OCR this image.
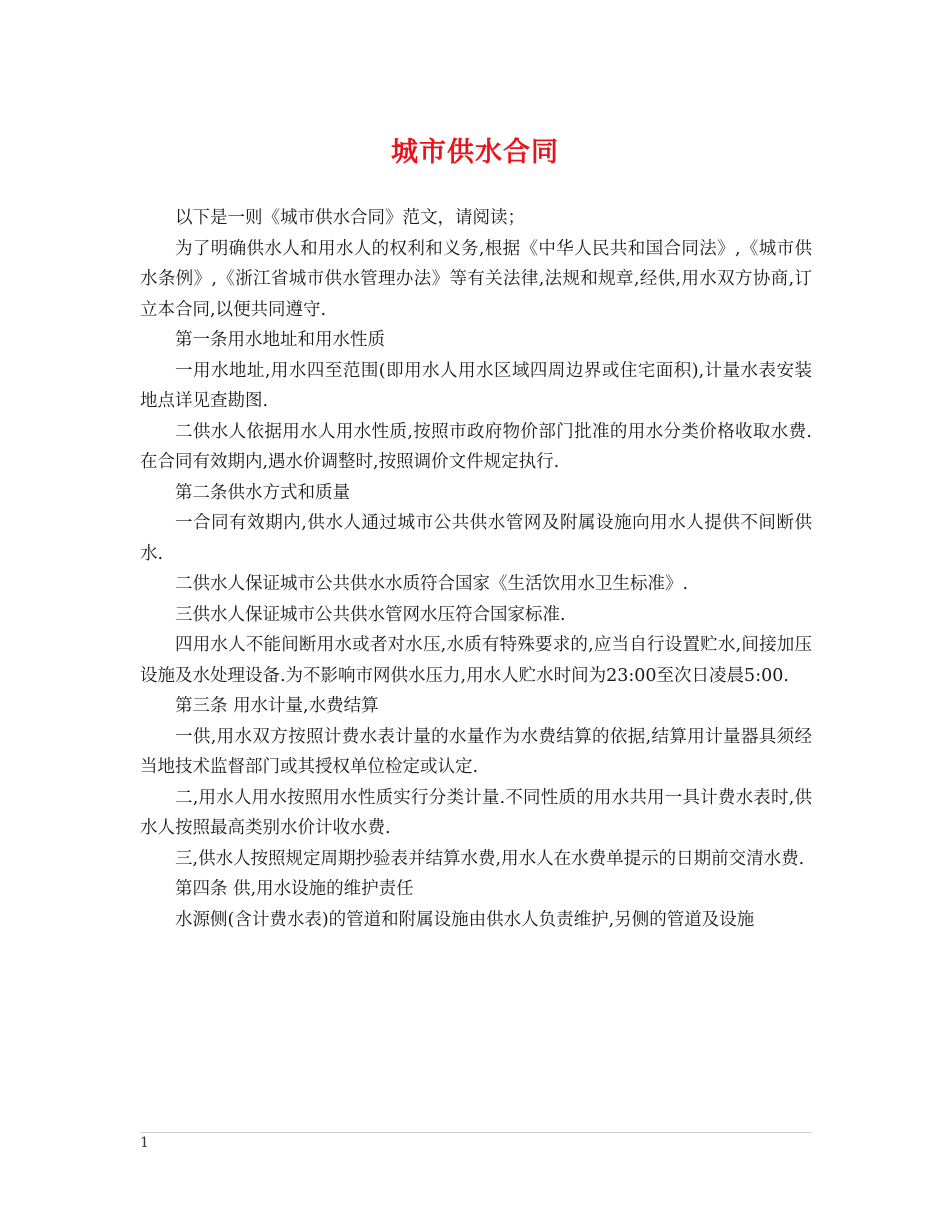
城市供水合同

以下是一则《城市供水合同》范文，请阅读；

为了明确供水人和用水人的权利和义务,根据《中华人民共和国合同法》,《城市供水条例》,《浙江省城市供水管理办法》等有关法律,法规和规章,经供,用水双方协商,订立本合同,以便共同遵守.

第一条用水地址和用水性质

一用水地址,用水四至范围(即用水人用水区域四周边界或住宅面积),计量水表安装地点详见查勘图.

二供水人依据用水人用水性质,按照市政府物价部门批准的用水分类价格收取水费.在合同有效期内,遇水价调整时,按照调价文件规定执行.

第二条供水方式和质量

一合同有效期内,供水人通过城市公共供水管网及附属设施向用水人提供不间断供水.

二供水人保证城市公共供水水质符合国家《生活饮用水卫生标准》.

三供水人保证城市公共供水管网水压符合国家标准.

四用水人不能间断用水或者对水压,水质有特殊要求的,应当自行设置贮水,间接加压设施及水处理设备.为不影响市网供水压力,用水人贮水时间为23:00至次日凌晨5:00.

第三条 用水计量,水费结算

一供,用水双方按照计费水表计量的水量作为水费结算的依据,结算用计量器具须经当地技术监督部门或其授权单位检定或认定.

二,用水人用水按照用水性质实行分类计量.不同性质的用水共用一具计费水表时,供水人按照最高类别水价计收水费.

三,供水人按照规定周期抄验表并结算水费,用水人在水费单提示的日期前交清水费.

第四条 供,用水设施的维护责任

水源侧(含计费水表)的管道和附属设施由供水人负责维护,另侧的管道及设施

1
